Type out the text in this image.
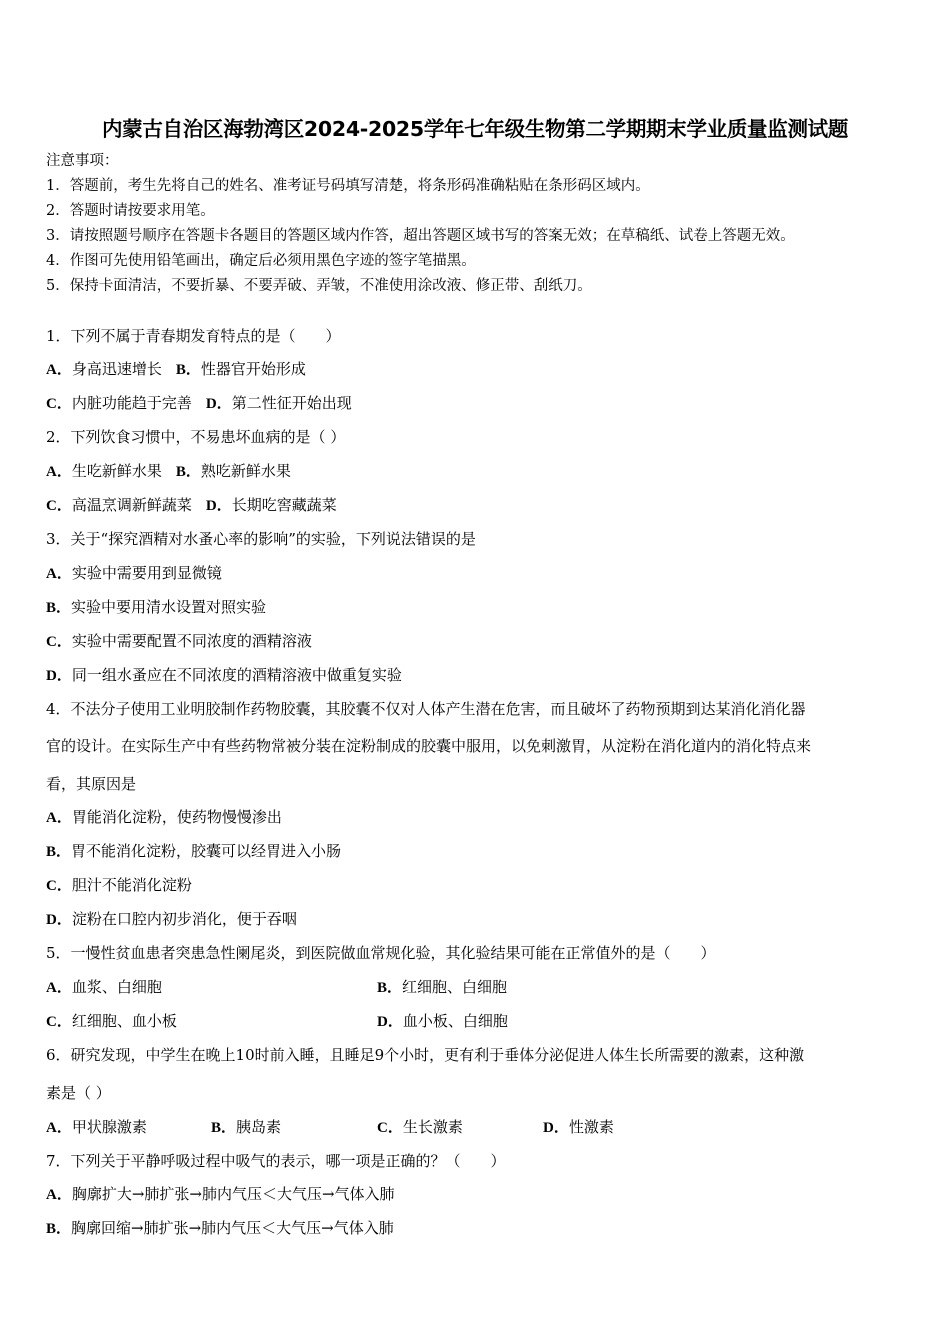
内蒙古自治区海勃湾区2024-2025学年七年级生物第二学期期末学业质量监测试题
注意事项：
1．答题前，考生先将自己的姓名、准考证号码填写清楚，将条形码准确粘贴在条形码区域内。
2．答题时请按要求用笔。
3．请按照题号顺序在答题卡各题目的答题区域内作答，超出答题区域书写的答案无效；在草稿纸、试卷上答题无效。
4．作图可先使用铅笔画出，确定后必须用黑色字迹的签字笔描黑。
5．保持卡面清洁，不要折暴、不要弄破、弄皱，不准使用涂改液、修正带、刮纸刀。
1．下列不属于青春期发育特点的是（　　）
A．身高迅速增长 B．性器官开始形成
C．内脏功能趋于完善 D．第二性征开始出现
2．下列饮食习惯中，不易患坏血病的是（ ）
A．生吃新鲜水果 B．熟吃新鲜水果
C．高温烹调新鲜蔬菜 D．长期吃窖藏蔬菜
3．关于“探究酒精对水蚤心率的影响”的实验，下列说法错误的是
A．实验中需要用到显微镜
B．实验中要用清水设置对照实验
C．实验中需要配置不同浓度的酒精溶液
D．同一组水蚤应在不同浓度的酒精溶液中做重复实验
4．不法分子使用工业明胶制作药物胶囊，其胶囊不仅对人体产生潜在危害，而且破坏了药物预期到达某消化消化器
官的设计。在实际生产中有些药物常被分装在淀粉制成的胶囊中服用，以免刺激胃，从淀粉在消化道内的消化特点来
看，其原因是
A．胃能消化淀粉，使药物慢慢渗出
B．胃不能消化淀粉，胶囊可以经胃进入小肠
C．胆汁不能消化淀粉
D．淀粉在口腔内初步消化，便于吞咽
5．一慢性贫血患者突患急性阑尾炎，到医院做血常规化验，其化验结果可能在正常值外的是（　　）
A．血浆、白细胞	B．红细胞、白细胞
C．红细胞、血小板	D．血小板、白细胞
6．研究发现，中学生在晚上10时前入睡，且睡足9个小时，更有利于垂体分泌促进人体生长所需要的激素，这种激
素是（ ）
A．甲状腺激素	B．胰岛素	C．生长激素	D．性激素
7．下列关于平静呼吸过程中吸气的表示，哪一项是正确的？（　　）
A．胸廓扩大→肺扩张→肺内气压＜大气压→气体入肺
B．胸廓回缩→肺扩张→肺内气压＜大气压→气体入肺
